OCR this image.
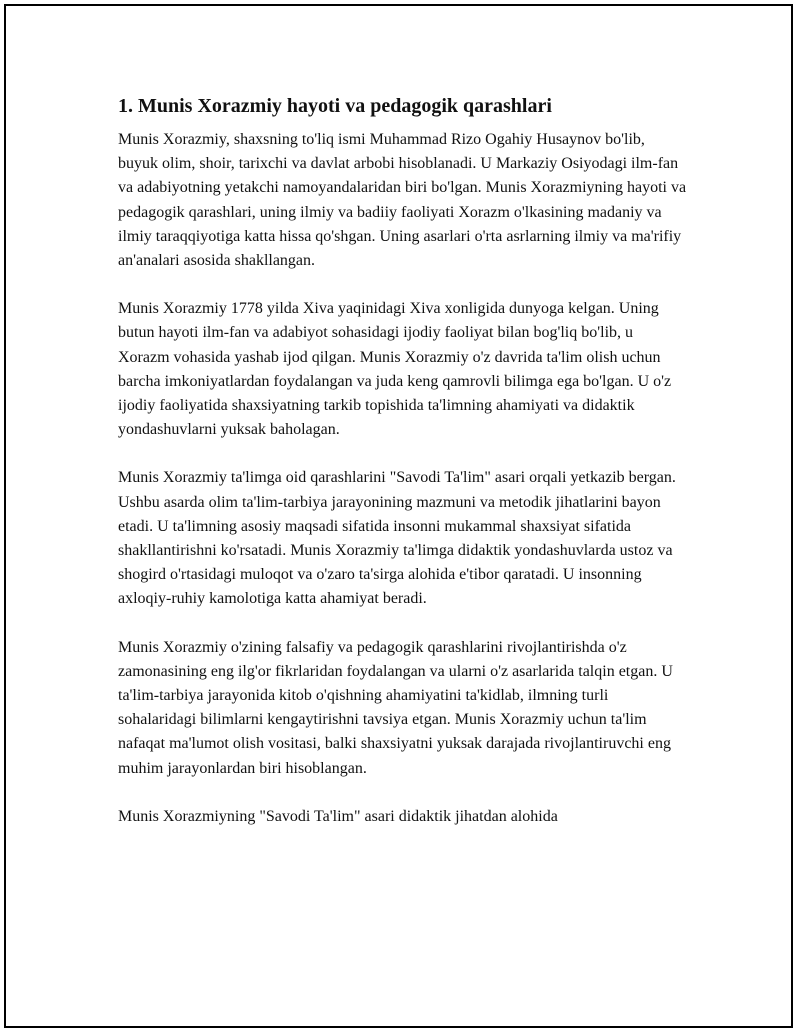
1. Munis Xorazmiy hayoti va pedagogik qarashlari

Munis Xorazmiy, shaxsning to'liq ismi Muhammad Rizo Ogahiy Husaynov bo'lib, buyuk olim, shoir, tarixchi va davlat arbobi hisoblanadi. U Markaziy Osiyodagi ilm-fan va adabiyotning yetakchi namoyandalaridan biri bo'lgan. Munis Xorazmiyning hayoti va pedagogik qarashlari, uning ilmiy va badiiy faoliyati Xorazm o'lkasining madaniy va ilmiy taraqqiyotiga katta hissa qo'shgan. Uning asarlari o'rta asrlarning ilmiy va ma'rifiy an'analari asosida shakllangan.

Munis Xorazmiy 1778 yilda Xiva yaqinidagi Xiva xonligida dunyoga kelgan. Uning butun hayoti ilm-fan va adabiyot sohasidagi ijodiy faoliyat bilan bog'liq bo'lib, u Xorazm vohasida yashab ijod qilgan. Munis Xorazmiy o'z davrida ta'lim olish uchun barcha imkoniyatlardan foydalangan va juda keng qamrovli bilimga ega bo'lgan. U o'z ijodiy faoliyatida shaxsiyatning tarkib topishida ta'limning ahamiyati va didaktik yondashuvlarni yuksak baholagan.

Munis Xorazmiy ta'limga oid qarashlarini "Savodi Ta'lim" asari orqali yetkazib bergan. Ushbu asarda olim ta'lim-tarbiya jarayonining mazmuni va metodik jihatlarini bayon etadi. U ta'limning asosiy maqsadi sifatida insonni mukammal shaxsiyat sifatida shakllantirishni ko'rsatadi. Munis Xorazmiy ta'limga didaktik yondashuvlarda ustoz va shogird o'rtasidagi muloqot va o'zaro ta'sirga alohida e'tibor qaratadi. U insonning axloqiy-ruhiy kamolotiga katta ahamiyat beradi.

Munis Xorazmiy o'zining falsafiy va pedagogik qarashlarini rivojlantirishda o'z zamonasining eng ilg'or fikrlaridan foydalangan va ularni o'z asarlarida talqin etgan. U ta'lim-tarbiya jarayonida kitob o'qishning ahamiyatini ta'kidlab, ilmning turli sohalaridagi bilimlarni kengaytirishni tavsiya etgan. Munis Xorazmiy uchun ta'lim nafaqat ma'lumot olish vositasi, balki shaxsiyatni yuksak darajada rivojlantiruvchi eng muhim jarayonlardan biri hisoblangan.

Munis Xorazmiyning "Savodi Ta'lim" asari didaktik jihatdan alohida
